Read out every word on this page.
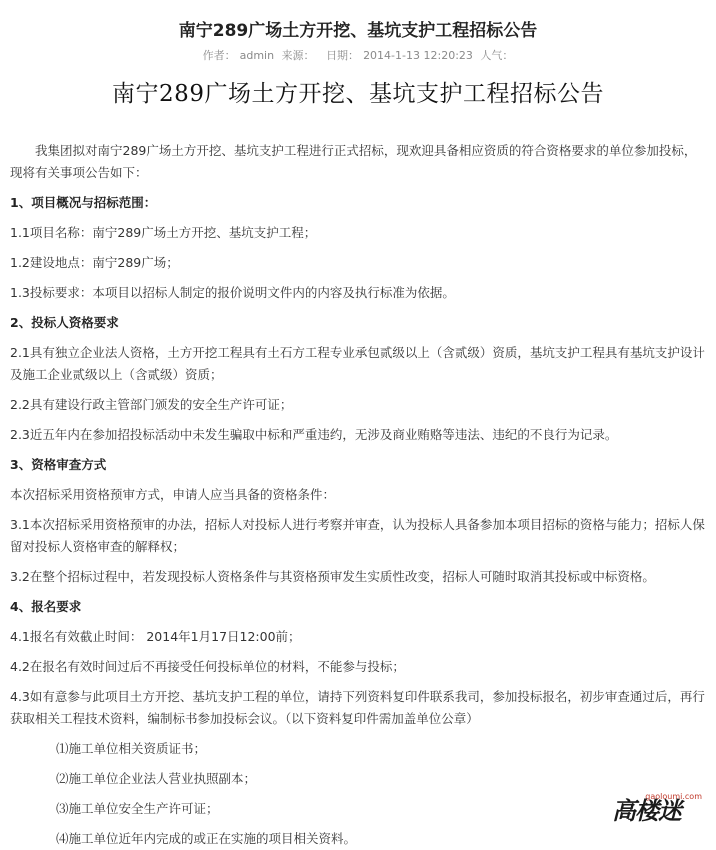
南宁289广场土方开挖、基坑支护工程招标公告
作者： admin 来源： 日期： 2014-1-13 12:20:23 人气：
南宁289广场土方开挖、基坑支护工程招标公告

我集团拟对南宁289广场土方开挖、基坑支护工程进行正式招标，现欢迎具备相应资质的符合资格要求的单位参加投标，现将有关事项公告如下：

1、项目概况与招标范围：

1.1项目名称：南宁289广场土方开挖、基坑支护工程；

1.2建设地点：南宁289广场；

1.3投标要求：本项目以招标人制定的报价说明文件内的内容及执行标准为依据。

2、投标人资格要求

2.1具有独立企业法人资格，土方开挖工程具有土石方工程专业承包贰级以上（含贰级）资质，基坑支护工程具有基坑支护设计及施工企业贰级以上（含贰级）资质；

2.2具有建设行政主管部门颁发的安全生产许可证；

2.3近五年内在参加招投标活动中未发生骗取中标和严重违约，无涉及商业贿赂等违法、违纪的不良行为记录。

3、资格审查方式

本次招标采用资格预审方式，申请人应当具备的资格条件：

3.1本次招标采用资格预审的办法，招标人对投标人进行考察并审查，认为投标人具备参加本项目招标的资格与能力；招标人保留对投标人资格审查的解释权；

3.2在整个招标过程中，若发现投标人资格条件与其资格预审发生实质性改变，招标人可随时取消其投标或中标资格。

4、报名要求

4.1报名有效截止时间： 2014年1月17日12:00前；

4.2在报名有效时间过后不再接受任何投标单位的材料，不能参与投标；

4.3如有意参与此项目土方开挖、基坑支护工程的单位，请持下列资料复印件联系我司，参加投标报名，初步审查通过后，再行获取相关工程技术资料，编制标书参加投标会议。（以下资料复印件需加盖单位公章）

⑴施工单位相关资质证书；

⑵施工单位企业法人营业执照副本；

⑶施工单位安全生产许可证；

⑷施工单位近年内完成的或正在实施的项目相关资料。

gaoloumi.com
高楼迷
